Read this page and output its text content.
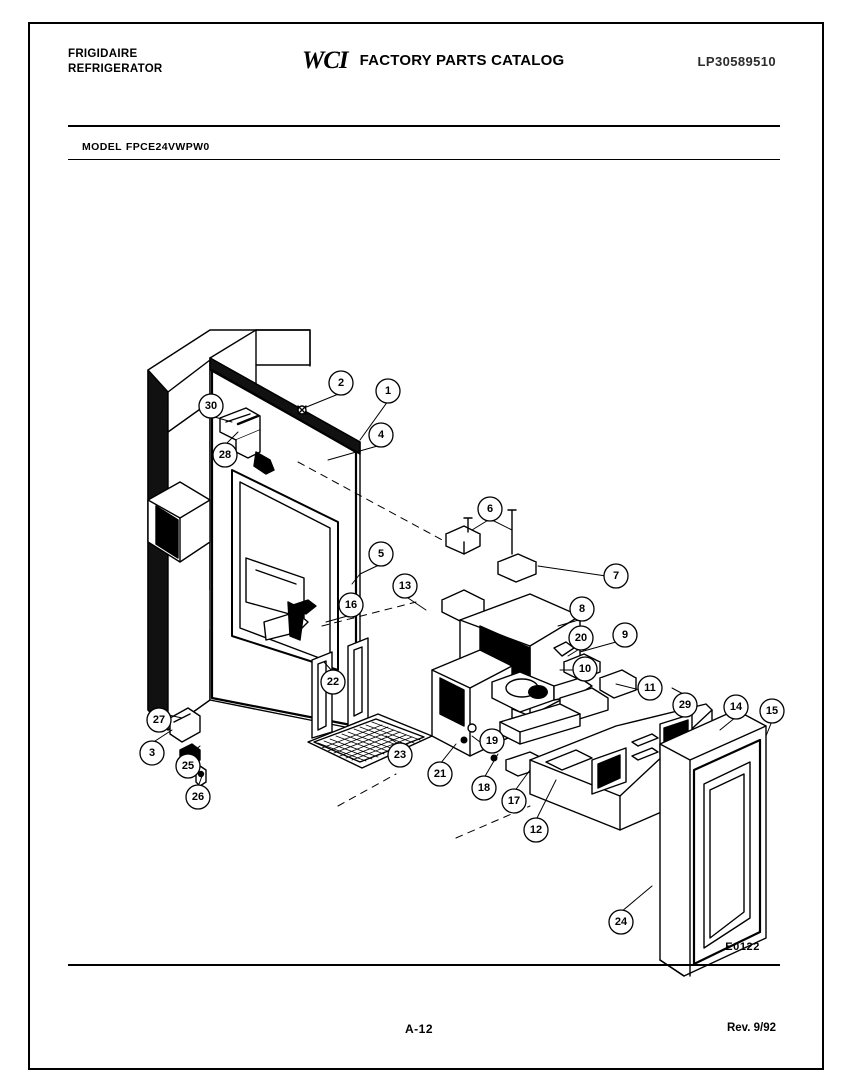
FRIGIDAIRE
REFRIGERATOR	WCI FACTORY PARTS CATALOG	LP30589510
MODEL FPCE24VWPW0
1
2
3
4
5
6
7
8
9
10
11
12
13
14 15
16
17
18
19
20
21
22
23
24
25
26
27
28
29
30
E0122
A-12	Rev. 9/92
